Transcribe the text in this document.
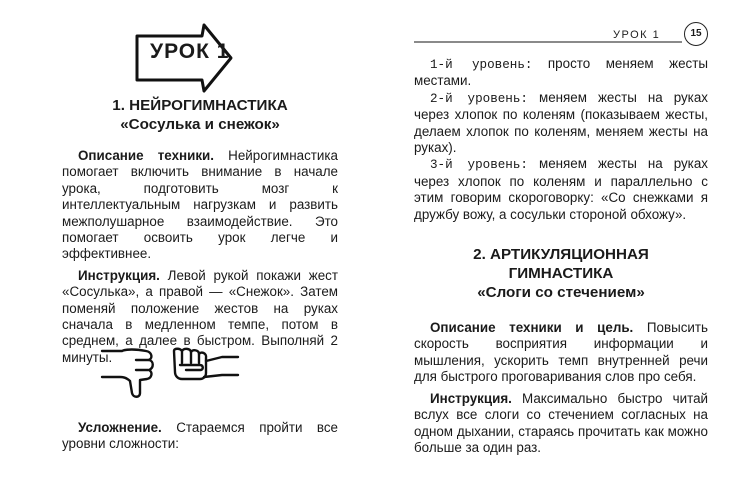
УРОК 1
УРОК 1	15
1. НЕЙРОГИМНАСТИКА
«Сосулька и снежок»

Описание техники. Нейрогимнастика помогает включить внимание в начале урока, подготовить мозг к интеллектуальным нагрузкам и развить межполушарное взаимодействие. Это помогает освоить урок легче и эффективнее.

Инструкция. Левой рукой покажи жест «Сосулька», а правой — «Снежок». Затем поменяй положение жестов на руках сначала в медленном темпе, потом в среднем, а далее в быстром. Выполняй 2 минуты.

Усложнение. Стараемся пройти все уровни сложности:

1-й уровень: просто меняем жесты местами.

2-й уровень: меняем жесты на руках через хлопок по коленям (показываем жесты, делаем хлопок по коленям, меняем жесты на руках).

3-й уровень: меняем жесты на руках через хлопок по коленям и параллельно с этим говорим скороговорку: «Со снежками я дружбу вожу, а сосульки стороной обхожу».

2. АРТИКУЛЯЦИОННАЯ
ГИМНАСТИКА
«Слоги со стечением»

Описание техники и цель. Повысить скорость восприятия информации и мышления, ускорить темп внутренней речи для быстрого проговаривания слов про себя.

Инструкция. Максимально быстро читай вслух все слоги со стечением согласных на одном дыхании, стараясь прочитать как можно больше за один раз.
